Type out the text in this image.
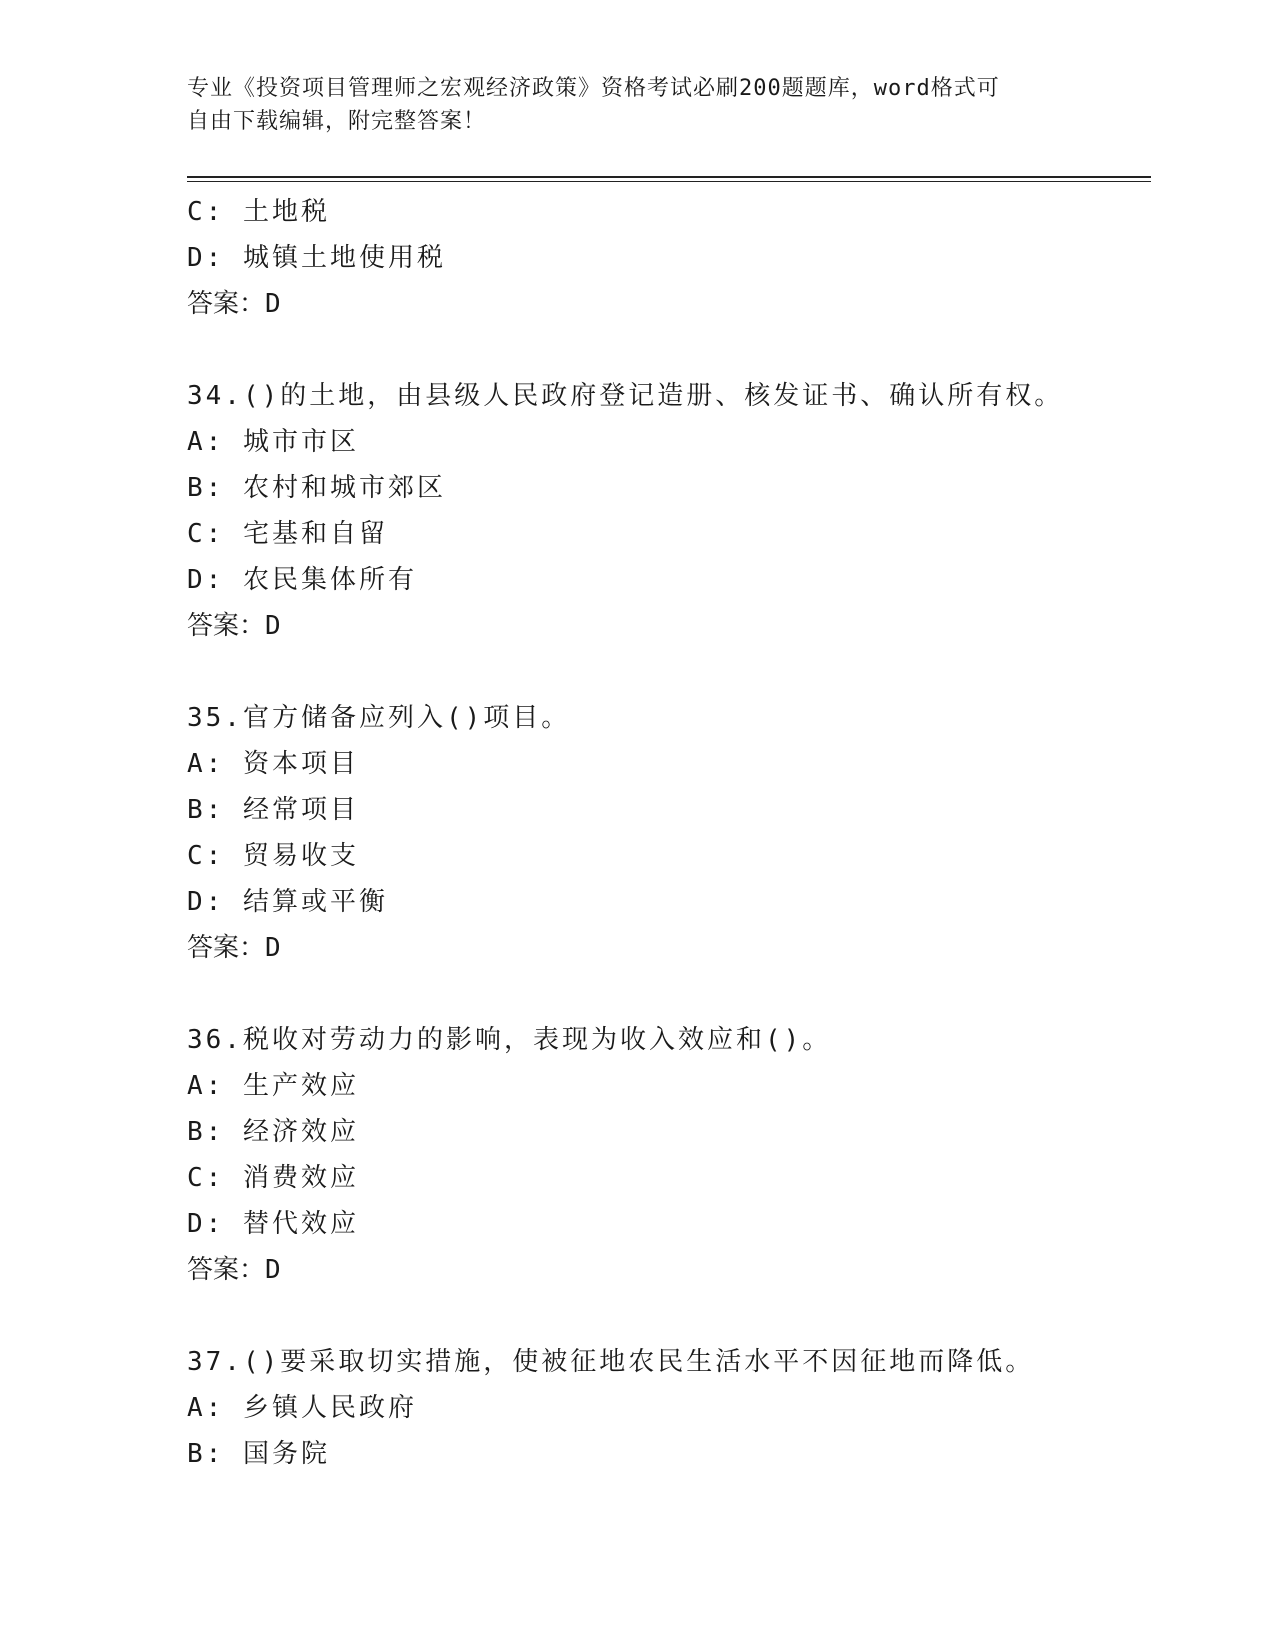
专业《投资项目管理师之宏观经济政策》资格考试必刷200题题库，word格式可
自由下载编辑，附完整答案！
C: 土地税
D: 城镇土地使用税
答案：D
34.()的土地，由县级人民政府登记造册、核发证书、确认所有权。
A: 城市市区
B: 农村和城市郊区
C: 宅基和自留
D: 农民集体所有
答案：D
35.官方储备应列入()项目。
A: 资本项目
B: 经常项目
C: 贸易收支
D: 结算或平衡
答案：D
36.税收对劳动力的影响，表现为收入效应和()。
A: 生产效应
B: 经济效应
C: 消费效应
D: 替代效应
答案：D
37.()要采取切实措施，使被征地农民生活水平不因征地而降低。
A: 乡镇人民政府
B: 国务院
